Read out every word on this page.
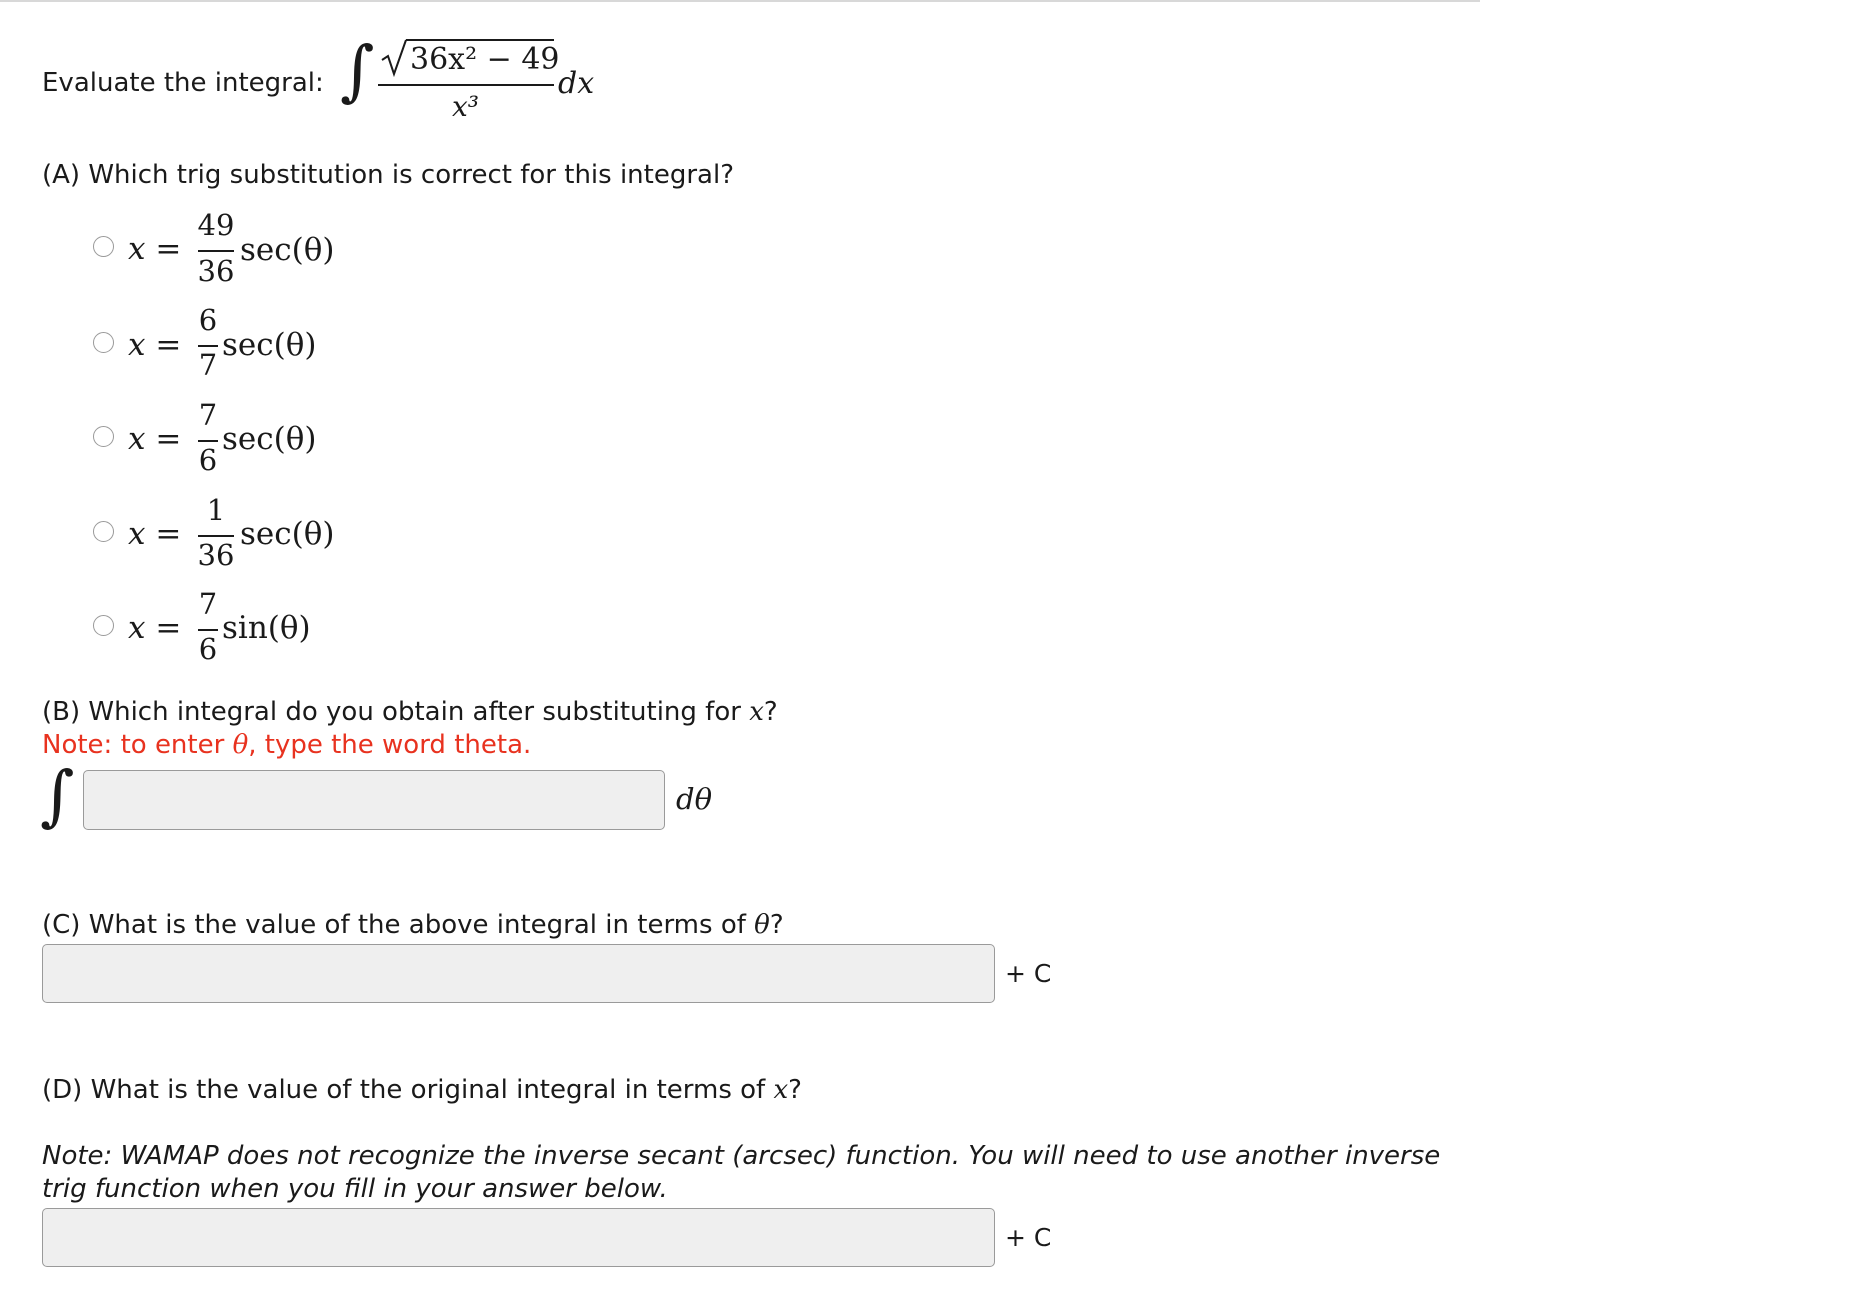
Evaluate the integral: ∫ 36x² − 49
x³
dx
(A) Which trig substitution is correct for this integral?
x =
49
36
sec(θ)
x =
6
7
sec(θ)
x =
7
6
sec(θ)
x =
1
36
sec(θ)
x =
7
6
sin(θ)
(B) Which integral do you obtain after substituting for x?
Note: to enter θ, type the word theta.
∫	dθ
(C) What is the value of the above integral in terms of θ?
+ C
(D) What is the value of the original integral in terms of x?
Note: WAMAP does not recognize the inverse secant (arcsec) function. You will need to use another inverse
trig function when you fill in your answer below.
+ C
